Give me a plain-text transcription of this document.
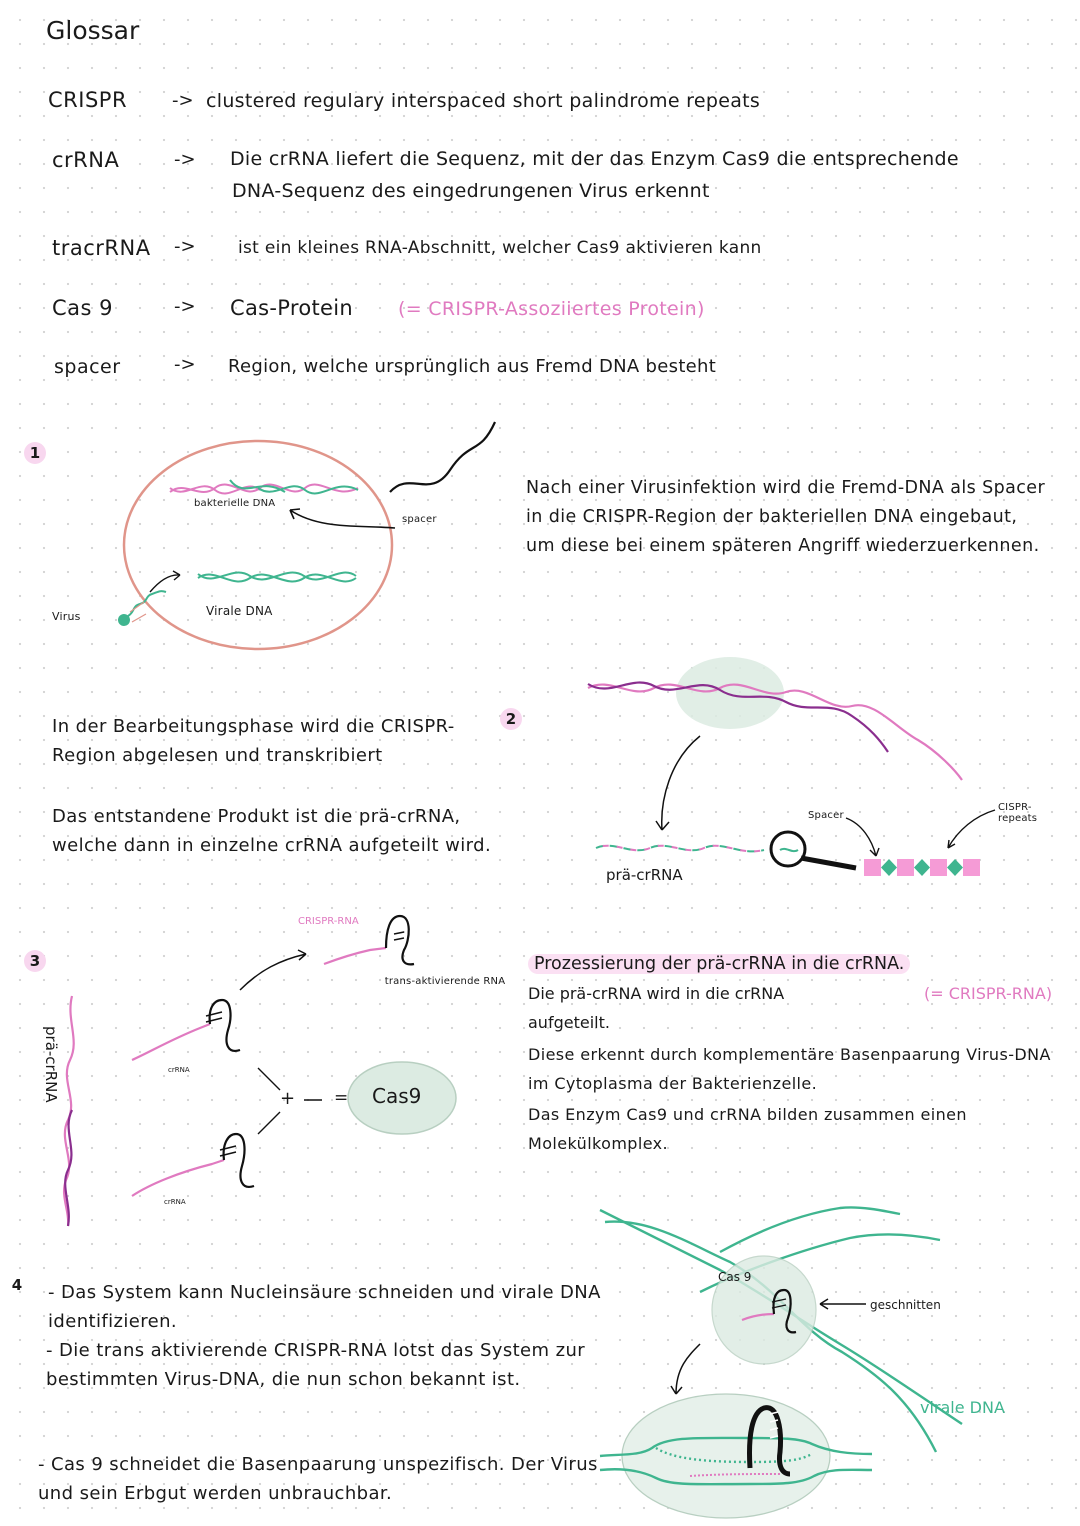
Glossar
CRISPR -> clustered regulary interspaced short palindrome repeats
crRNA	-> Die crRNA liefert die Sequenz, mit der das Enzym Cas9 die entsprechende
DNA-Sequenz des eingedrungenen Virus erkennt
tracrRNA -> ist ein kleines RNA-Abschnitt, welcher Cas9 aktivieren kann
Cas 9	-> Cas-Protein (= CRISPR-Assoziiertes Protein)
spacer	-> Region, welche ursprünglich aus Fremd DNA besteht
1
bakterielle DNA
spacer
Virus	Virale DNA
Nach einer Virusinfektion wird die Fremd-DNA als Spacer in die CRISPR-Region der bakteriellen DNA eingebaut, um diese bei einem späteren Angriff wiederzuerkennen.
2
In der Bearbeitungsphase wird die CRISPR-Region abgelesen und transkribiert
Das entstandene Produkt ist die prä-crRNA, welche dann in einzelne crRNA aufgeteilt wird.
Spacer
CISPR-repeats
prä-crRNA
3
prä-crRNA
CRISPR-RNA
trans-aktivierende RNA
crRNA
crRNA
+ = Cas9
Prozessierung der prä-crRNA in die crRNA.
Die prä-crRNA wird in die crRNA	(= CRISPR-RNA)
aufgeteilt.
Diese erkennt durch komplementäre Basenpaarung Virus-DNA im Cytoplasma der Bakterienzelle.
Das Enzym Cas9 und crRNA bilden zusammen einen Molekülkomplex.
4	- Das System kann Nucleinsäure schneiden und virale DNA identifizieren.
- Die trans aktivierende CRISPR-RNA lotst das System zur bestimmten Virus-DNA, die nun schon bekannt ist.
- Cas 9 schneidet die Basenpaarung unspezifisch. Der Virus und sein Erbgut werden unbrauchbar.
Cas 9
geschnitten
virale DNA
